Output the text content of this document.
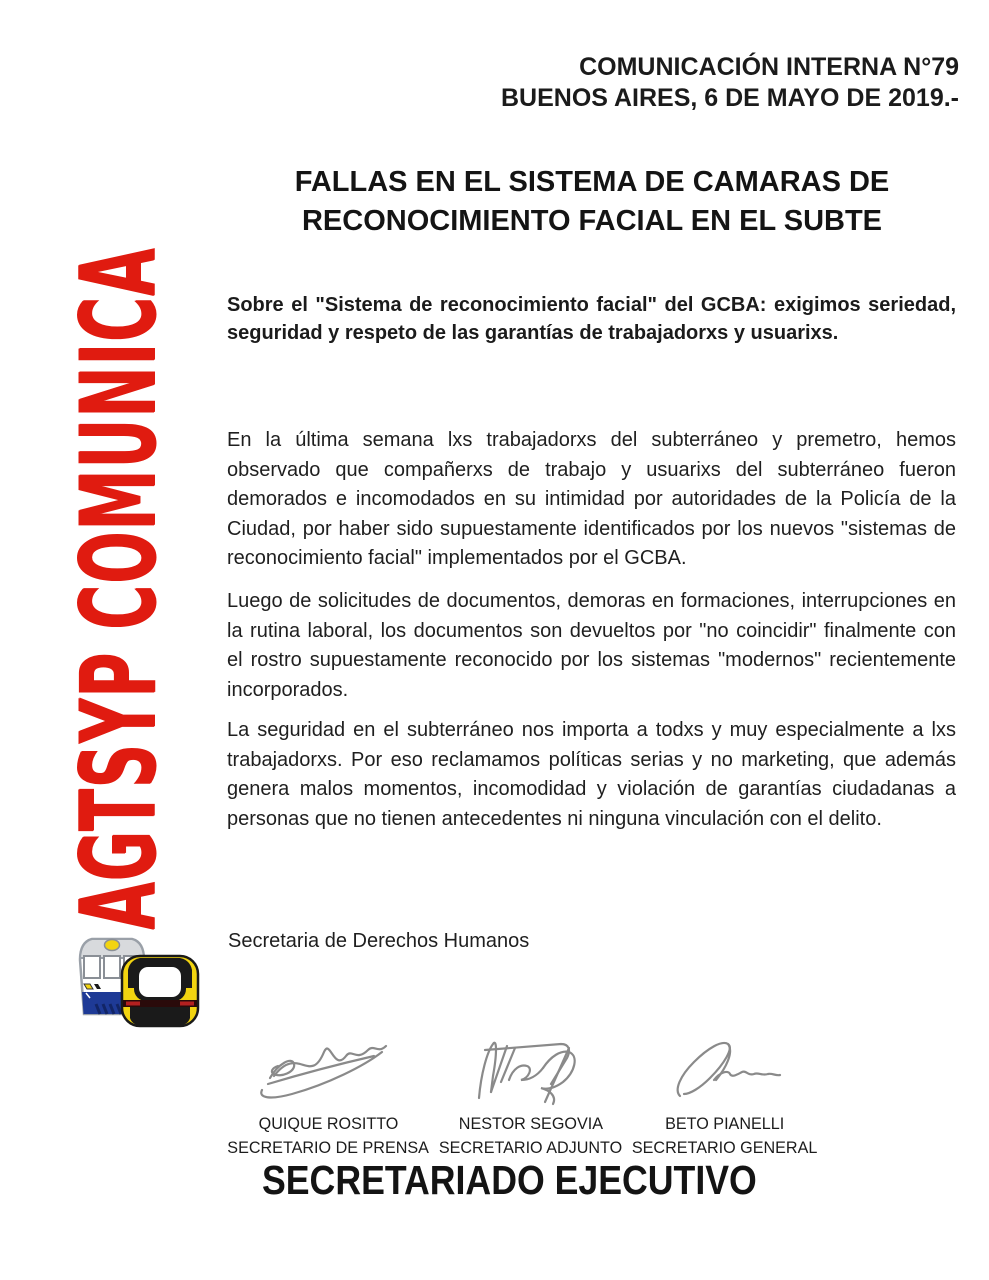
COMUNICACIÓN INTERNA N°79
BUENOS AIRES, 6 DE MAYO DE 2019.-
AGTSYP COMUNICA
FALLAS EN EL SISTEMA DE CAMARAS DE
RECONOCIMIENTO FACIAL EN EL SUBTE
Sobre el "Sistema de reconocimiento facial" del GCBA: exigimos seriedad, seguridad y respeto de las garantías de trabajadorxs y usuarixs.
En la última semana lxs trabajadorxs del subterráneo y premetro, hemos observado que compañerxs de trabajo y usuarixs del subterráneo fueron demorados e incomodados en su intimidad por autoridades de la Policía de la Ciudad, por haber sido supuestamente identificados por los nuevos "sistemas de reconocimiento facial" implementados por el GCBA.
Luego de solicitudes de documentos, demoras en formaciones, interrupciones en la rutina laboral, los documentos son devueltos por "no coincidir" finalmente con el rostro supuestamente reconocido por los sistemas "modernos" recientemente incorporados.
La seguridad en el subterráneo nos importa a todxs y muy especialmente a lxs trabajadorxs. Por eso reclamamos políticas serias y no marketing, que además genera malos momentos, incomodidad y violación de garantías ciudadanas a personas que no tienen antecedentes ni ninguna vinculación con el delito.
Secretaria de Derechos Humanos
QUIQUE ROSITTO
SECRETARIO DE PRENSA
NESTOR SEGOVIA
SECRETARIO ADJUNTO
BETO PIANELLI
SECRETARIO GENERAL
SECRETARIADO EJECUTIVO
